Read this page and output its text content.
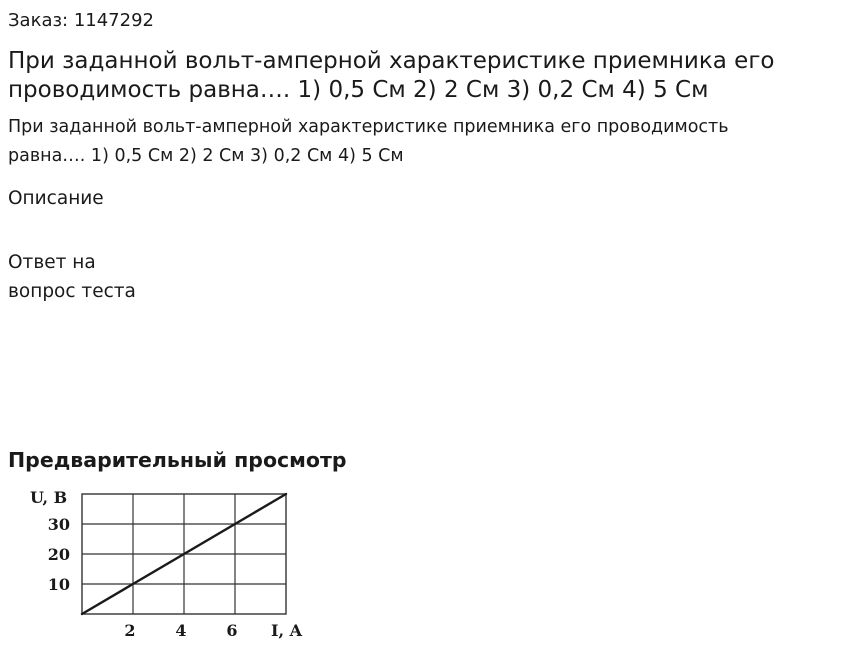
Заказ: 1147292
При заданной вольт-амперной характеристике приемника его проводимость равна…. 1) 0,5 См 2) 2 См 3) 0,2 См 4) 5 См

При заданной вольт-амперной характеристике приемника его проводимость равна…. 1) 0,5 См 2) 2 См 3) 0,2 См 4) 5 См

Описание
Ответ на
вопрос теста
Предварительный просмотр
10
20
30
2 4 6
U, B
I, A
